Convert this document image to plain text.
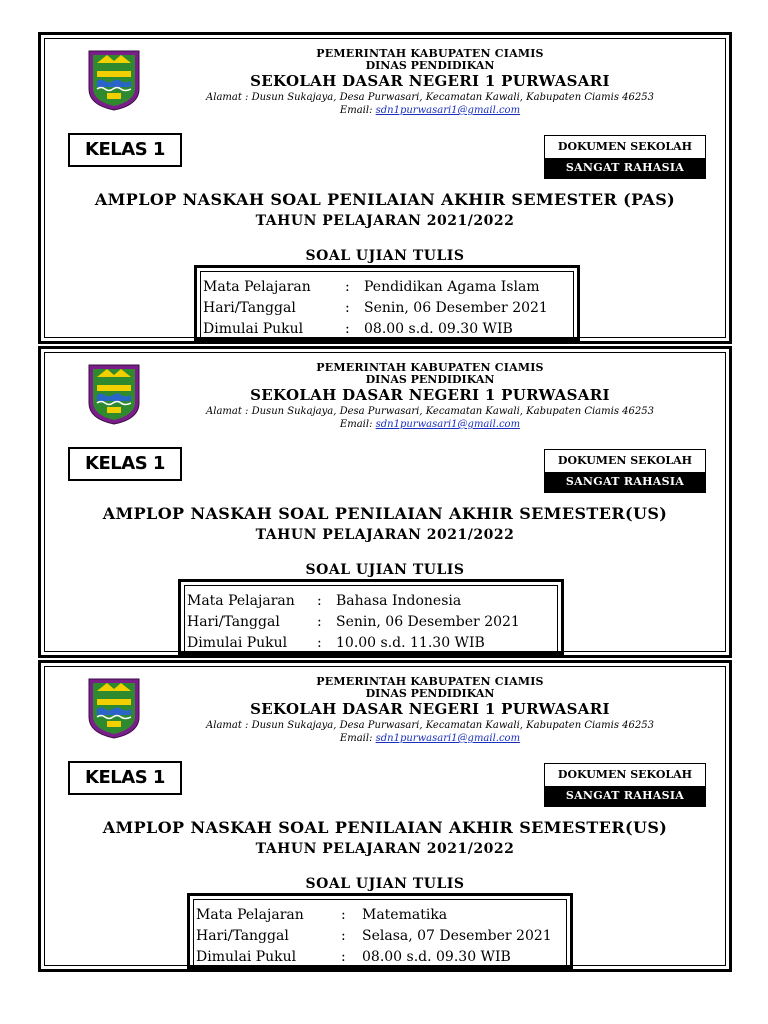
PEMERINTAH KABUPATEN CIAMIS
DINAS PENDIDIKAN
SEKOLAH DASAR NEGERI 1 PURWASARI
Alamat : Dusun Sukajaya, Desa Purwasari, Kecamatan Kawali, Kabupaten Ciamis 46253
Email: sdn1purwasari1@gmail.com
KELAS 1	DOKUMEN SEKOLAH
SANGAT RAHASIA
AMPLOP NASKAH SOAL PENILAIAN AKHIR SEMESTER (PAS)
TAHUN PELAJARAN 2021/2022
SOAL UJIAN TULIS
Mata Pelajaran : Pendidikan Agama Islam
Hari/Tanggal	: Senin, 06 Desember 2021
Dimulai Pukul	: 08.00 s.d. 09.30 WIB
PEMERINTAH KABUPATEN CIAMIS
DINAS PENDIDIKAN
SEKOLAH DASAR NEGERI 1 PURWASARI
Alamat : Dusun Sukajaya, Desa Purwasari, Kecamatan Kawali, Kabupaten Ciamis 46253
Email: sdn1purwasari1@gmail.com
KELAS 1	DOKUMEN SEKOLAH
SANGAT RAHASIA
AMPLOP NASKAH SOAL PENILAIAN AKHIR SEMESTER(US)
TAHUN PELAJARAN 2021/2022
SOAL UJIAN TULIS
Mata Pelajaran : Bahasa Indonesia
Hari/Tanggal	: Senin, 06 Desember 2021
Dimulai Pukul : 10.00 s.d. 11.30 WIB
PEMERINTAH KABUPATEN CIAMIS
DINAS PENDIDIKAN
SEKOLAH DASAR NEGERI 1 PURWASARI
Alamat : Dusun Sukajaya, Desa Purwasari, Kecamatan Kawali, Kabupaten Ciamis 46253
Email: sdn1purwasari1@gmail.com
KELAS 1	DOKUMEN SEKOLAH
SANGAT RAHASIA
AMPLOP NASKAH SOAL PENILAIAN AKHIR SEMESTER(US)
TAHUN PELAJARAN 2021/2022
SOAL UJIAN TULIS
Mata Pelajaran	: Matematika
Hari/Tanggal	: Selasa, 07 Desember 2021
Dimulai Pukul	: 08.00 s.d. 09.30 WIB
